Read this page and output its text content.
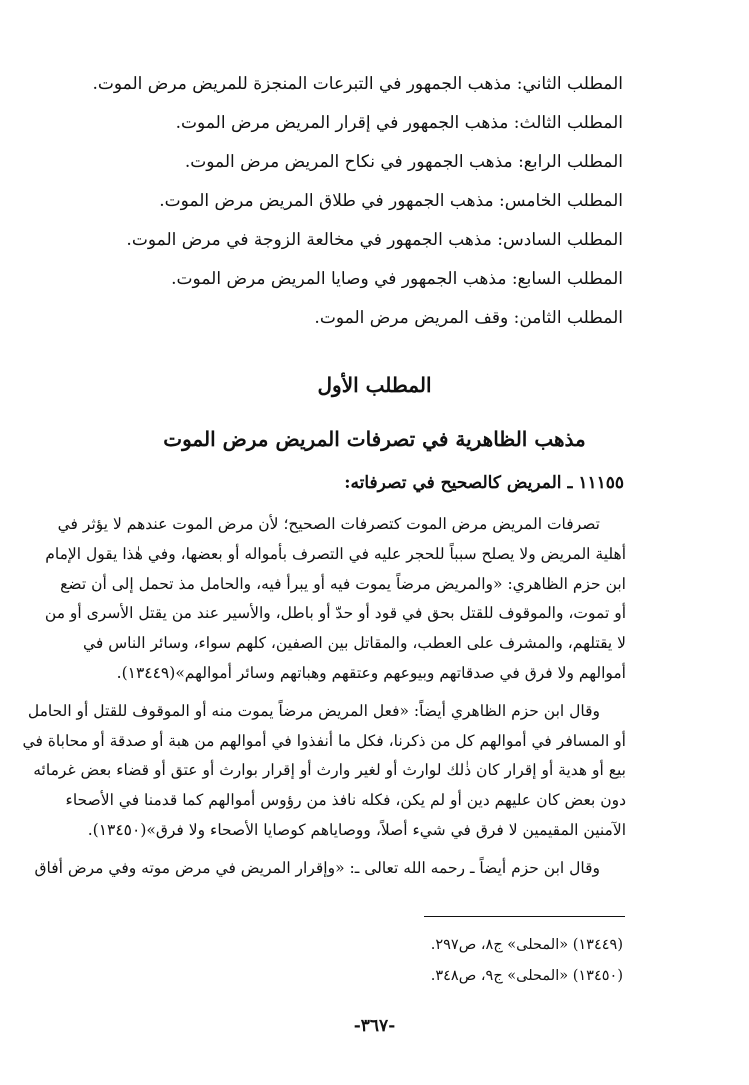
المطلب الثاني: مذهب الجمهور في التبرعات المنجزة للمريض مرض الموت.
المطلب الثالث: مذهب الجمهور في إقرار المريض مرض الموت.
المطلب الرابع: مذهب الجمهور في نكاح المريض مرض الموت.
المطلب الخامس: مذهب الجمهور في طلاق المريض مرض الموت.
المطلب السادس: مذهب الجمهور في مخالعة الزوجة في مرض الموت.
المطلب السابع: مذهب الجمهور في وصايا المريض مرض الموت.
المطلب الثامن: وقف المريض مرض الموت.
المطلب الأول
مذهب الظاهرية في تصرفات المريض مرض الموت
١١١٥٥ ـ المريض كالصحيح في تصرفاته:
تصرفات المريض مرض الموت كتصرفات الصحيح؛ لأن مرض الموت عندهم لا يؤثر في
أهلية المريض ولا يصلح سبباً للحجر عليه في التصرف بأمواله أو بعضها، وفي هٰذا يقول الإمام
ابن حزم الظاهري: «والمريض مرضاً يموت فيه أو يبرأ فيه، والحامل مذ تحمل إلى أن تضع
أو تموت، والموقوف للقتل بحق في قود أو حدّ أو باطل، والأسير عند من يقتل الأسرى أو من
لا يقتلهم، والمشرف على العطب، والمقاتل بين الصفين، كلهم سواء، وسائر الناس في
أموالهم ولا فرق في صدقاتهم وبيوعهم وعتقهم وهباتهم وسائر أموالهم»(١٣٤٤٩).
وقال ابن حزم الظاهري أيضاً: «فعل المريض مرضاً يموت منه أو الموقوف للقتل أو الحامل
أو المسافر في أموالهم كل من ذكرنا، فكل ما أنفذوا في أموالهم من هبة أو صدقة أو محاباة في
بيع أو هدية أو إقرار كان ذٰلك لوارث أو لغير وارث أو إقرار بوارث أو عتق أو قضاء بعض غرمائه
دون بعض كان عليهم دين أو لم يكن، فكله نافذ من رؤوس أموالهم كما قدمنا في الأصحاء
الآمنين المقيمين لا فرق في شيء أصلاً، ووصاياهم كوصايا الأصحاء ولا فرق»(١٣٤٥٠).
وقال ابن حزم أيضاً ـ رحمه الله تعالى ـ: «وإقرار المريض في مرض موته وفي مرض أفاق
(١٣٤٤٩) «المحلى» ج٨، ص٢٩٧.
(١٣٤٥٠) «المحلى» ج٩، ص٣٤٨.
-٣٦٧-
